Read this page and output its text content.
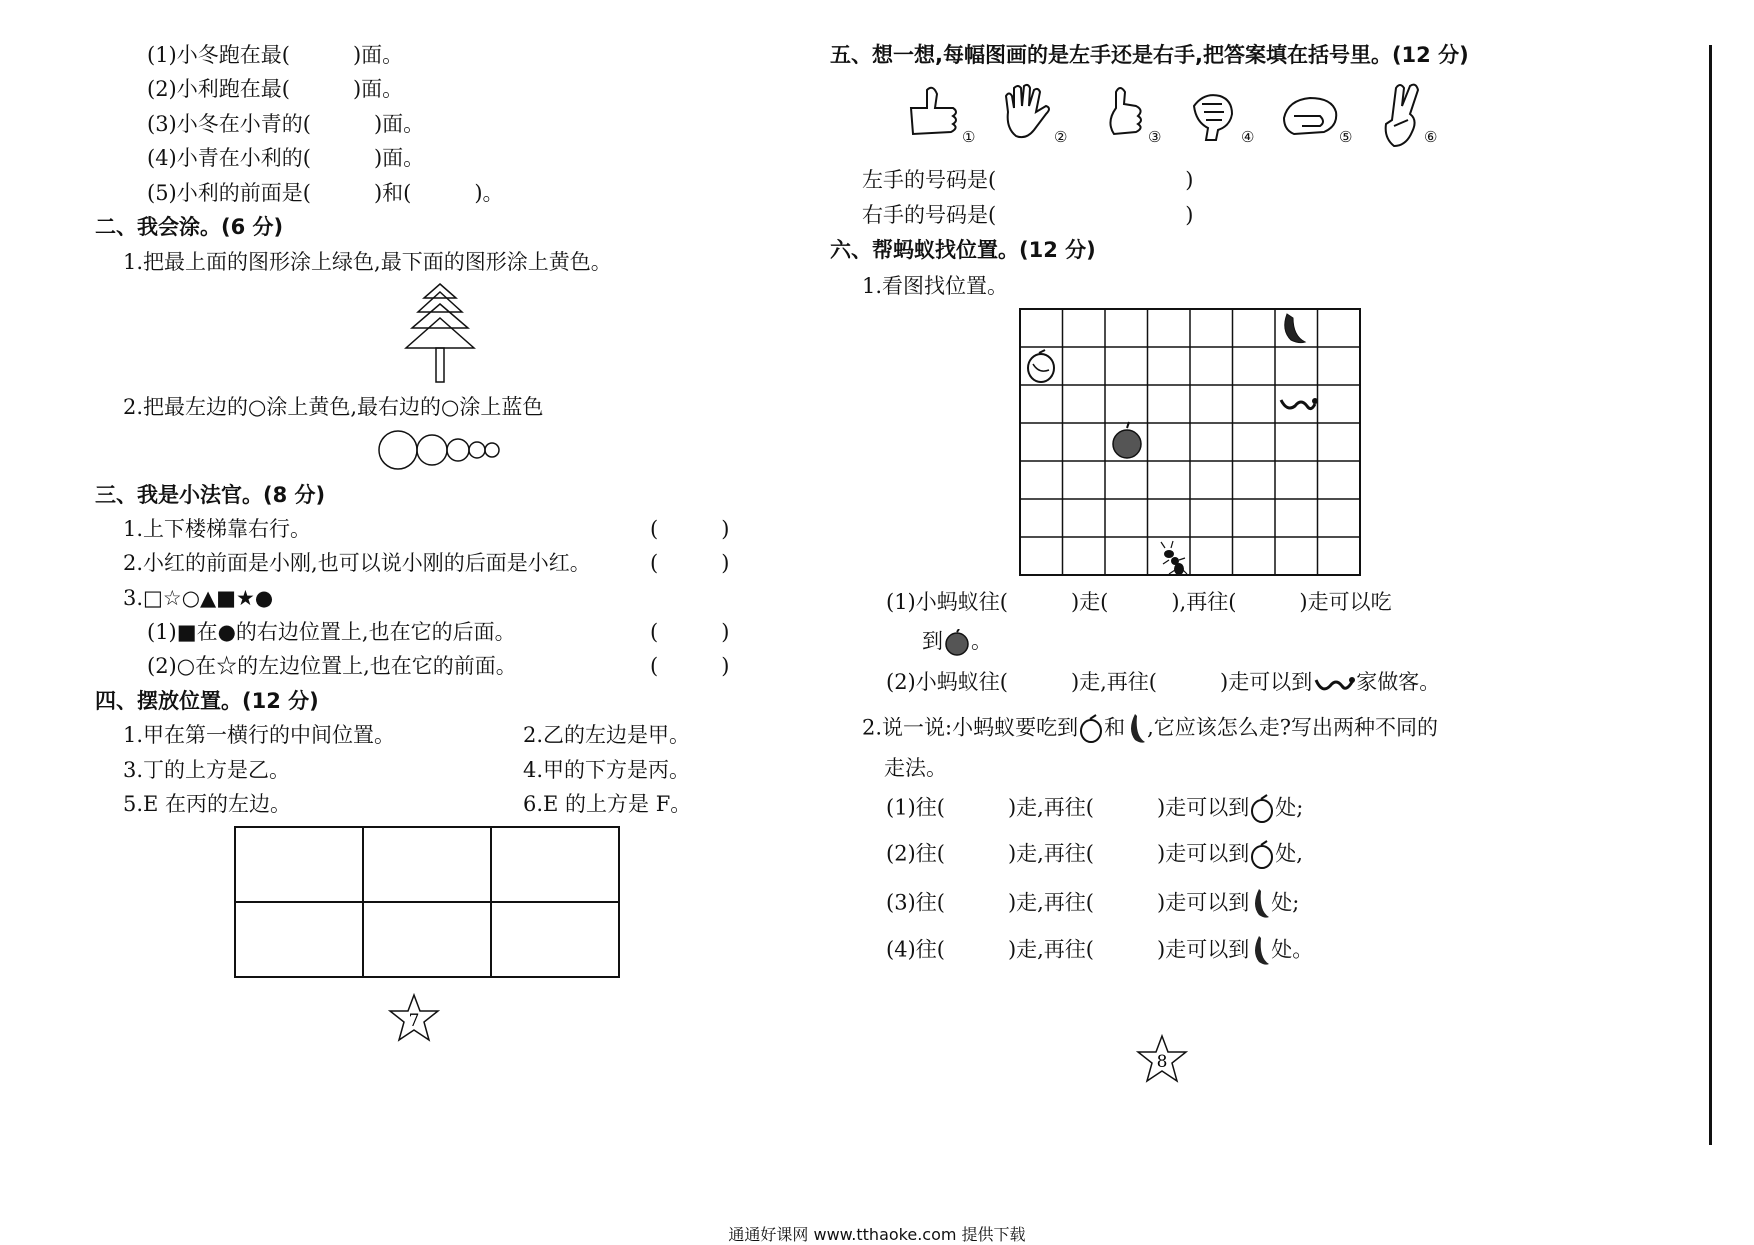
(1)小冬跑在最(　　　)面。
(2)小利跑在最(　　　)面。
(3)小冬在小青的(　　　)面。
(4)小青在小利的(　　　)面。
(5)小利的前面是(　　　)和(　　　)。
二、我会涂。(6 分)
1.把最上面的图形涂上绿色,最下面的图形涂上黄色。
2.把最左边的○涂上黄色,最右边的○涂上蓝色
三、我是小法官。(8 分)
1.上下楼梯靠右行。	(　　　)
2.小红的前面是小刚,也可以说小刚的后面是小红。	(　　　)
3.□☆○▲■★●
(1)■在●的右边位置上,也在它的后面。	(　　　)
(2)○在☆的左边位置上,也在它的前面。	(　　　)
四、摆放位置。(12 分)
1.甲在第一横行的中间位置。	2.乙的左边是甲。
3.丁的上方是乙。	4.甲的下方是丙。
5.E 在丙的左边。	6.E 的上方是 F。
7
五、想一想,每幅图画的是左手还是右手,把答案填在括号里。(12 分)
①	②	③	④	⑤	⑥
左手的号码是(　　　　　　　　　)
右手的号码是(　　　　　　　　　)
六、帮蚂蚁找位置。(12 分)
1.看图找位置。
(1)小蚂蚁往(　　　)走(　　　),再往(　　　)走可以吃
到 。
(2)小蚂蚁往(　　　)走,再往(　　　)走可以到 家做客。
2.说一说:小蚂蚁要吃到 和 ,它应该怎么走?写出两种不同的
走法。
(1)往(　　　)走,再往(　　　)走可以到 处;
(2)往(　　　)走,再往(　　　)走可以到 处,
(3)往(　　　)走,再往(　　　)走可以到 处;
(4)往(　　　)走,再往(　　　)走可以到 处。
8
通通好课网 www.tthaoke.com 提供下载
